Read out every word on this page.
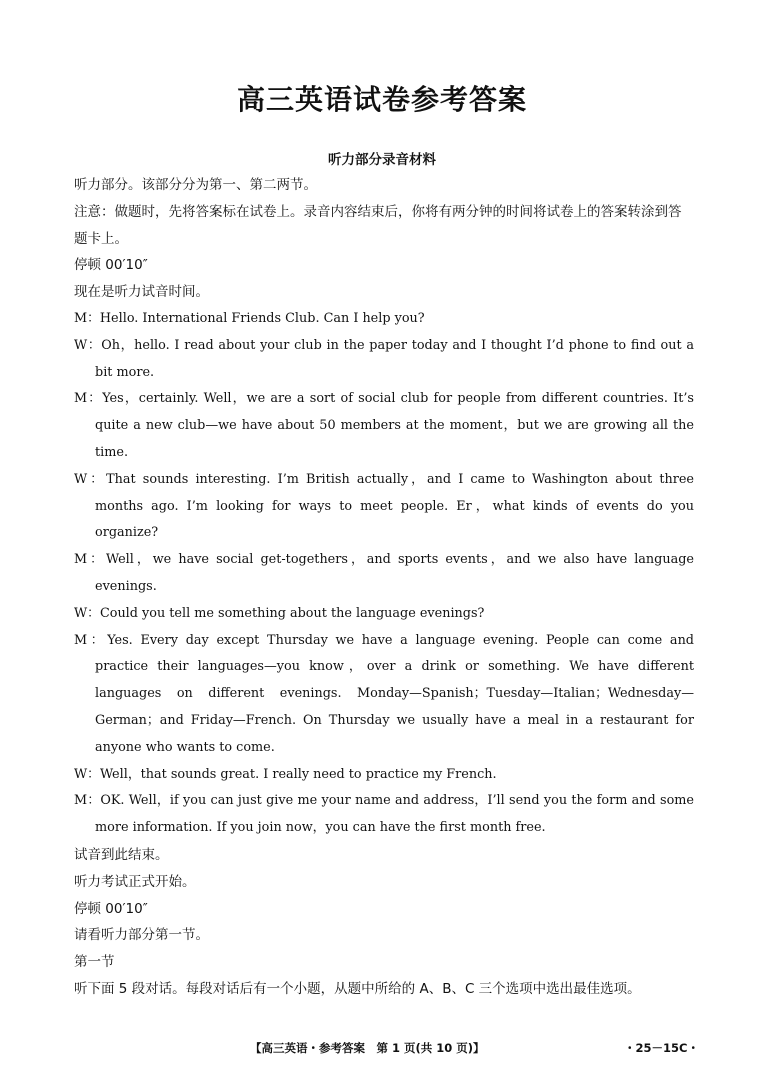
高三英语试卷参考答案
听力部分录音材料

听力部分。该部分分为第一、第二两节。

注意：做题时，先将答案标在试卷上。录音内容结束后，你将有两分钟的时间将试卷上的答案转涂到答题卡上。

停顿 00′10″

现在是听力试音时间。

M：Hello. International Friends Club. Can I help you?

W：Oh，hello. I read about your club in the paper today and I thought I’d phone to find out a bit more.

M：Yes，certainly. Well，we are a sort of social club for people from different countries. It’s quite a new club—we have about 50 members at the moment，but we are growing all the time.

W：That sounds interesting. I’m British actually，and I came to Washington about three months ago. I’m looking for ways to meet people. Er，what kinds of events do you organize?

M：Well，we have social get-togethers，and sports events，and we also have language evenings.

W：Could you tell me something about the language evenings?

M：Yes. Every day except Thursday we have a language evening. People can come and practice their languages—you know，over a drink or something. We have different languages on different evenings. Monday—Spanish；Tuesday—Italian；Wednesday—German；and Friday—French. On Thursday we usually have a meal in a restaurant for anyone who wants to come.

W：Well，that sounds great. I really need to practice my French.

M：OK. Well，if you can just give me your name and address，I’ll send you the form and some more information. If you join now，you can have the first month free.

试音到此结束。

听力考试正式开始。

停顿 00′10″

请看听力部分第一节。

第一节

听下面 5 段对话。每段对话后有一个小题，从题中所给的 A、B、C 三个选项中选出最佳选项。

【高三英语・参考答案　第 1 页(共 10 页)】	・25－15C・
